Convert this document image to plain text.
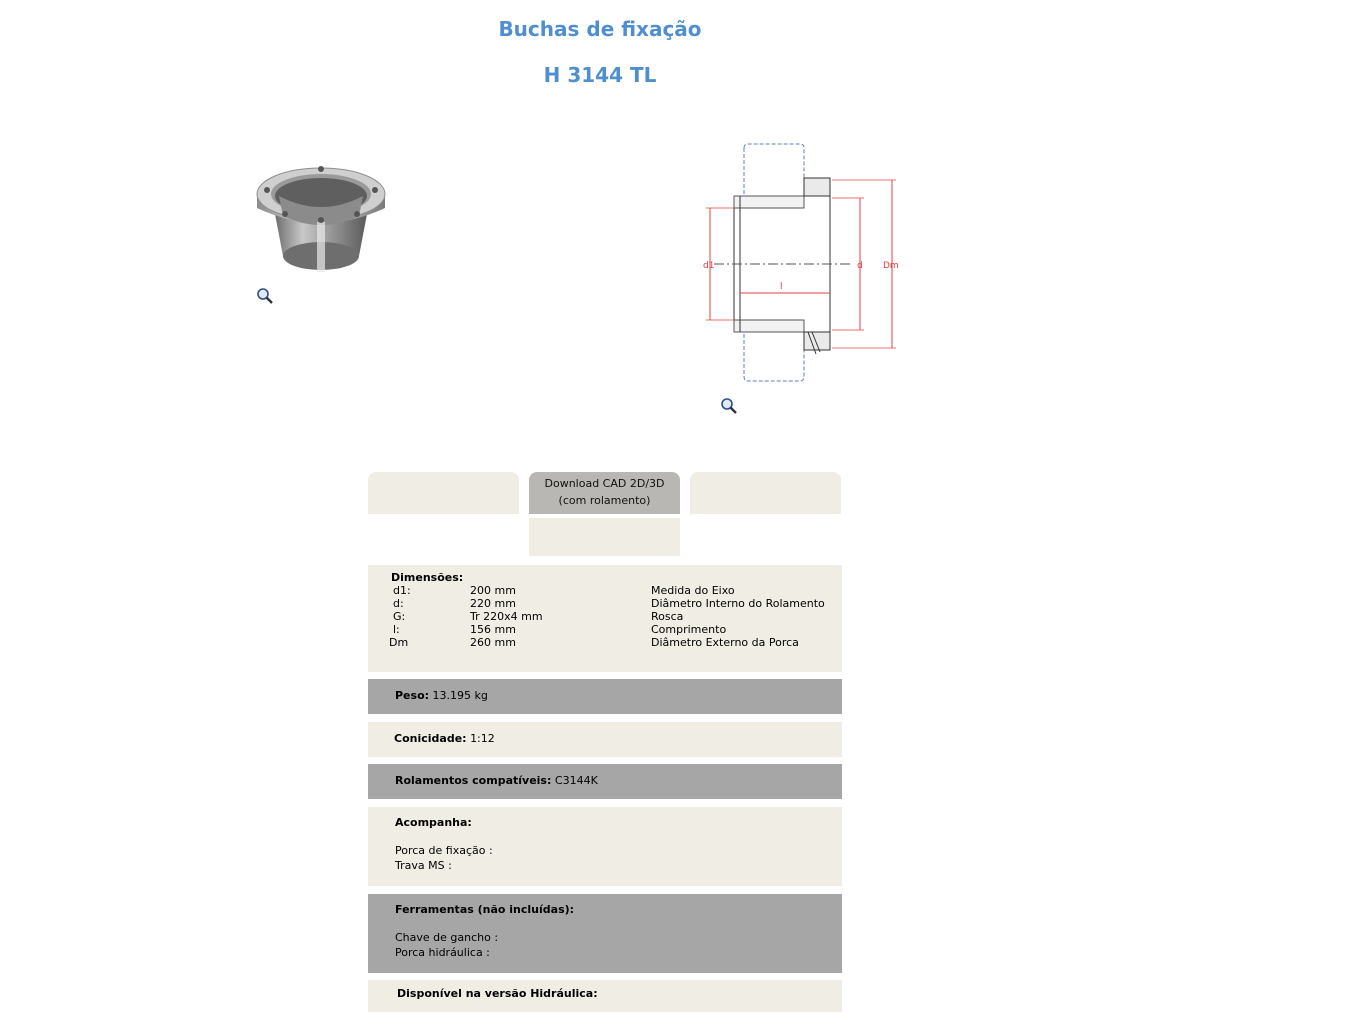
Buchas de fixação
H 3144 TL
d1	d Dm
l
Download CAD 2D/3D
(com rolamento)
Dimensões:
d1:	200 mm	Medida do Eixo
d:	220 mm	Diâmetro Interno do Rolamento
G:	Tr 220x4 mm	Rosca
l:	156 mm	Comprimento
Dm	260 mm	Diâmetro Externo da Porca
Peso: 13.195 kg
Conicidade: 1:12
Rolamentos compatíveis: C3144K
Acompanha:
Porca de fixação :
Trava MS :
Ferramentas (não incluídas):
Chave de gancho :
Porca hidráulica :
Disponível na versão Hidráulica:
